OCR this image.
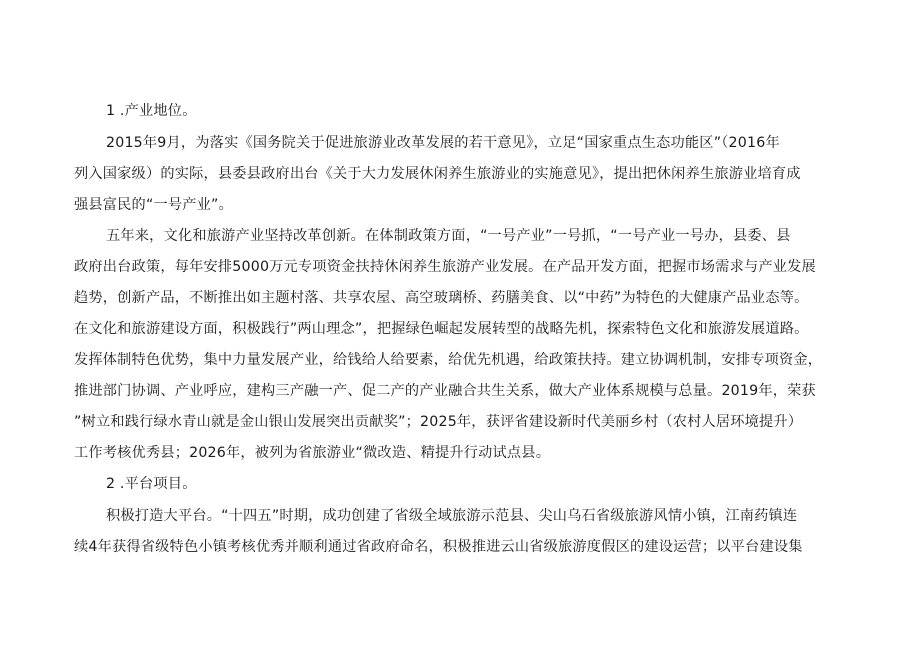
1 .产业地位。
2015年9月，为落实《国务院关于促进旅游业改革发展的若干意见》，立足“国家重点生态功能区”（2016年
列入国家级）的实际，县委县政府出台《关于大力发展休闲养生旅游业的实施意见》，提出把休闲养生旅游业培育成
强县富民的“一号产业”。
五年来，文化和旅游产业坚持改革创新。在体制政策方面，“一号产业”一号抓，“一号产业一号办，县委、县
政府出台政策，每年安排5000万元专项资金扶持休闲养生旅游产业发展。在产品开发方面，把握市场需求与产业发展
趋势，创新产品，不断推出如主题村落、共享农屋、高空玻璃桥、药膳美食、以“中药”为特色的大健康产品业态等。
在文化和旅游建设方面，积极践行”两山理念”，把握绿色崛起发展转型的战略先机，探索特色文化和旅游发展道路。
发挥体制特色优势，集中力量发展产业，给钱给人给要素，给优先机遇，给政策扶持。建立协调机制，安排专项资金，
推进部门协调、产业呼应，建构三产融一产、促二产的产业融合共生关系，做大产业体系规模与总量。2019年，荣获
”树立和践行绿水青山就是金山银山发展突出贡献奖”；2025年，获评省建设新时代美丽乡村（农村人居环境提升）
工作考核优秀县；2026年，被列为省旅游业“微改造、精提升行动试点县。
2 .平台项目。
积极打造大平台。“十四五”时期，成功创建了省级全域旅游示范县、尖山乌石省级旅游风情小镇，江南药镇连
续4年获得省级特色小镇考核优秀并顺利通过省政府命名，积极推进云山省级旅游度假区的建设运营；以平台建设集
